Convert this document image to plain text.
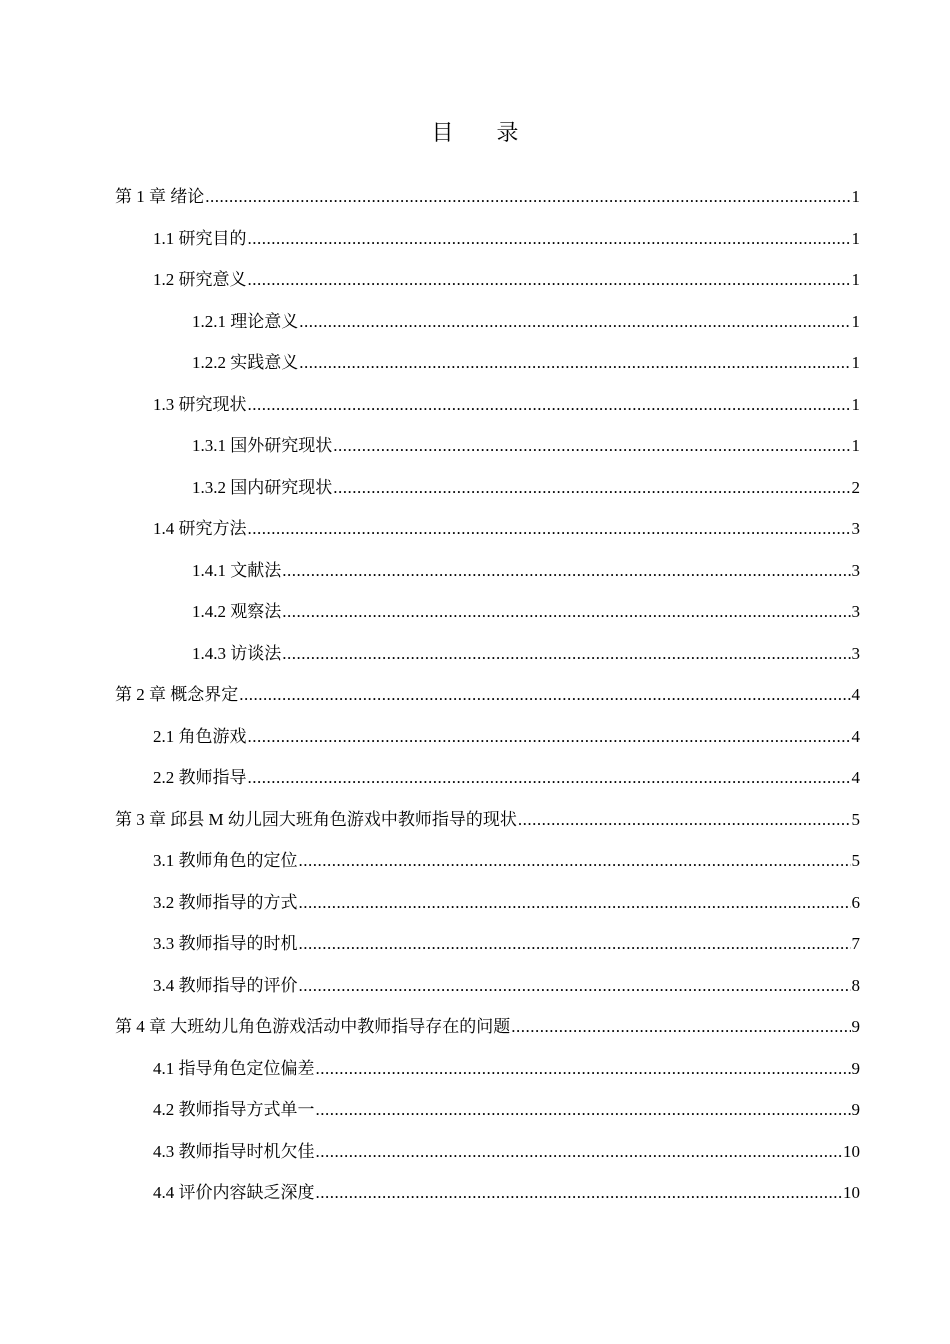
目 录
第 1 章 绪论 .....	1
1.1 研究目的 .....	1
1.2 研究意义 .....	1
1.2.1 理论意义 .....	1
1.2.2 实践意义 .....	1
1.3 研究现状 .....	1
1.3.1 国外研究现状 .....	1
1.3.2 国内研究现状 .....	2
1.4 研究方法 .....	3
1.4.1 文献法 .....	3
1.4.2 观察法 .....	3
1.4.3 访谈法 .....	3
第 2 章 概念界定 .....	4
2.1 角色游戏 .....	4
2.2 教师指导 .....	4
第 3 章 邱县 M 幼儿园大班角色游戏中教师指导的现状 .....	5
3.1 教师角色的定位 .....	5
3.2 教师指导的方式 .....	6
3.3 教师指导的时机 .....	7
3.4 教师指导的评价 .....	8
第 4 章 大班幼儿角色游戏活动中教师指导存在的问题 .....	9
4.1 指导角色定位偏差 .....	9
4.2 教师指导方式单一 .....	9
4.3 教师指导时机欠佳 .....	10
4.4 评价内容缺乏深度 .....	10
